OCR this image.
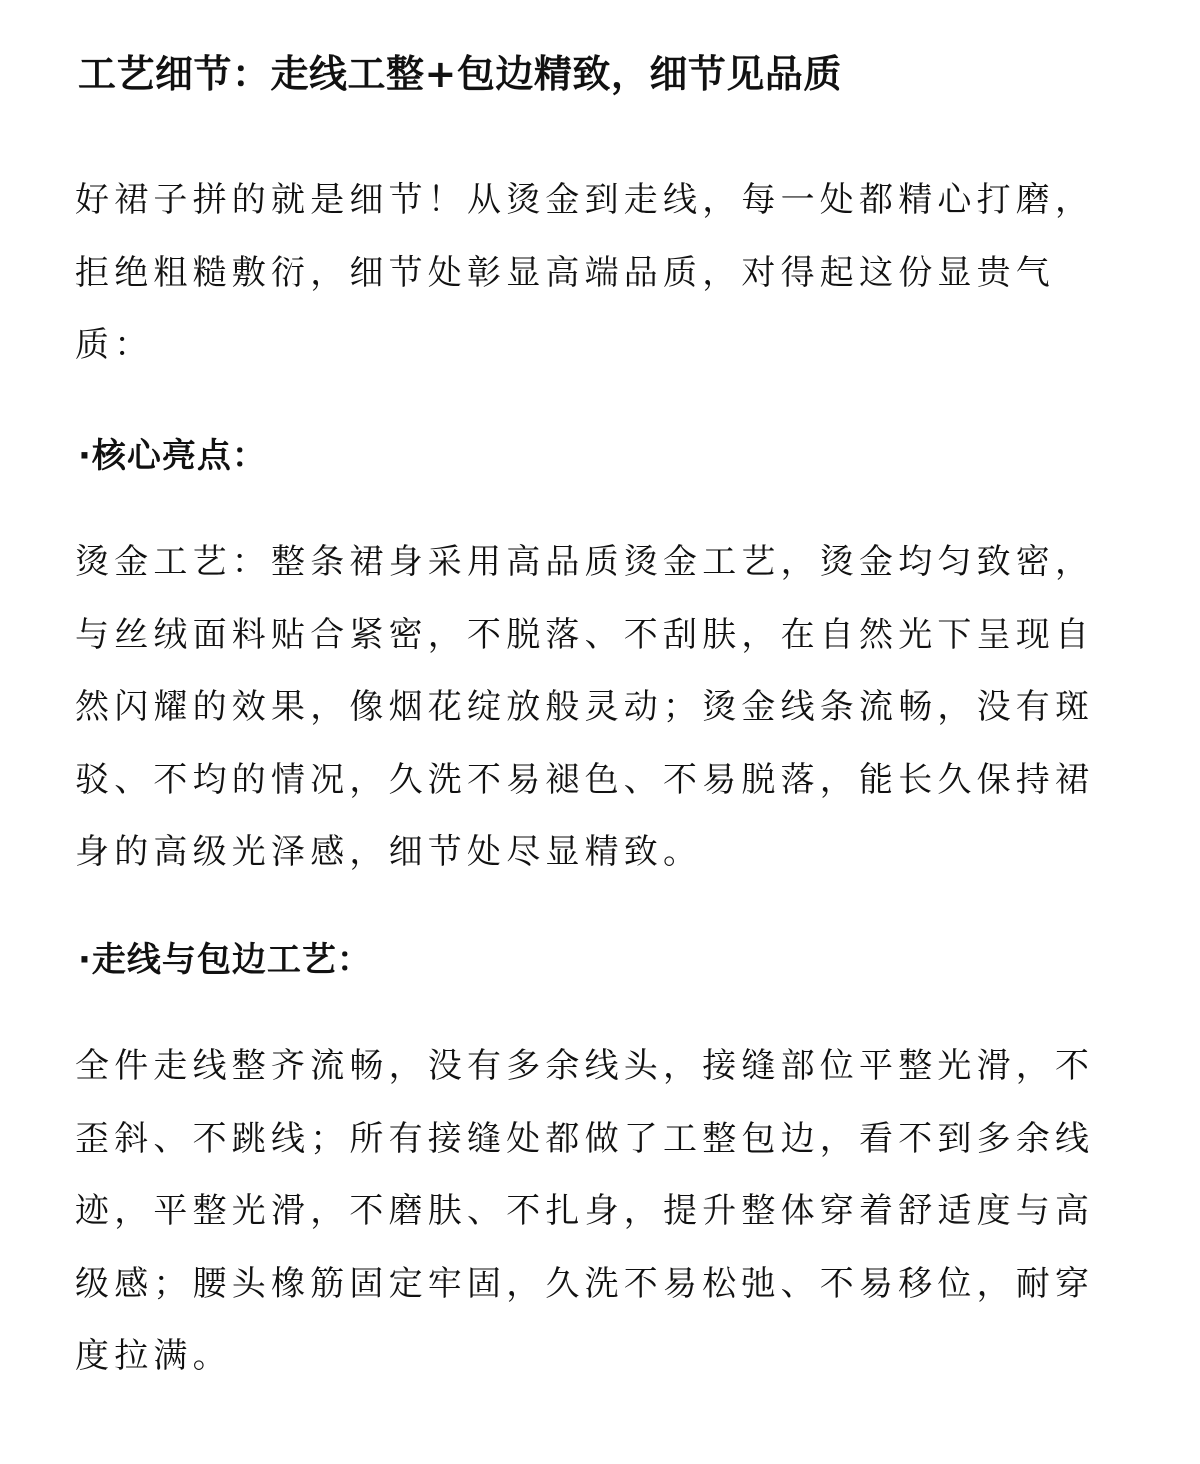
工艺细节：走线工整+包边精致，细节见品质

好裙子拼的就是细节！从烫金到走线，每一处都精心打磨，拒绝粗糙敷衍，细节处彰显高端品质，对得起这份显贵气质：

·核心亮点：

烫金工艺：整条裙身采用高品质烫金工艺，烫金均匀致密，与丝绒面料贴合紧密，不脱落、不刮肤，在自然光下呈现自然闪耀的效果，像烟花绽放般灵动；烫金线条流畅，没有斑驳、不均的情况，久洗不易褪色、不易脱落，能长久保持裙身的高级光泽感，细节处尽显精致。

·走线与包边工艺：

全件走线整齐流畅，没有多余线头，接缝部位平整光滑，不歪斜、不跳线；所有接缝处都做了工整包边，看不到多余线迹，平整光滑，不磨肤、不扎身，提升整体穿着舒适度与高级感；腰头橡筋固定牢固，久洗不易松弛、不易移位，耐穿度拉满。
